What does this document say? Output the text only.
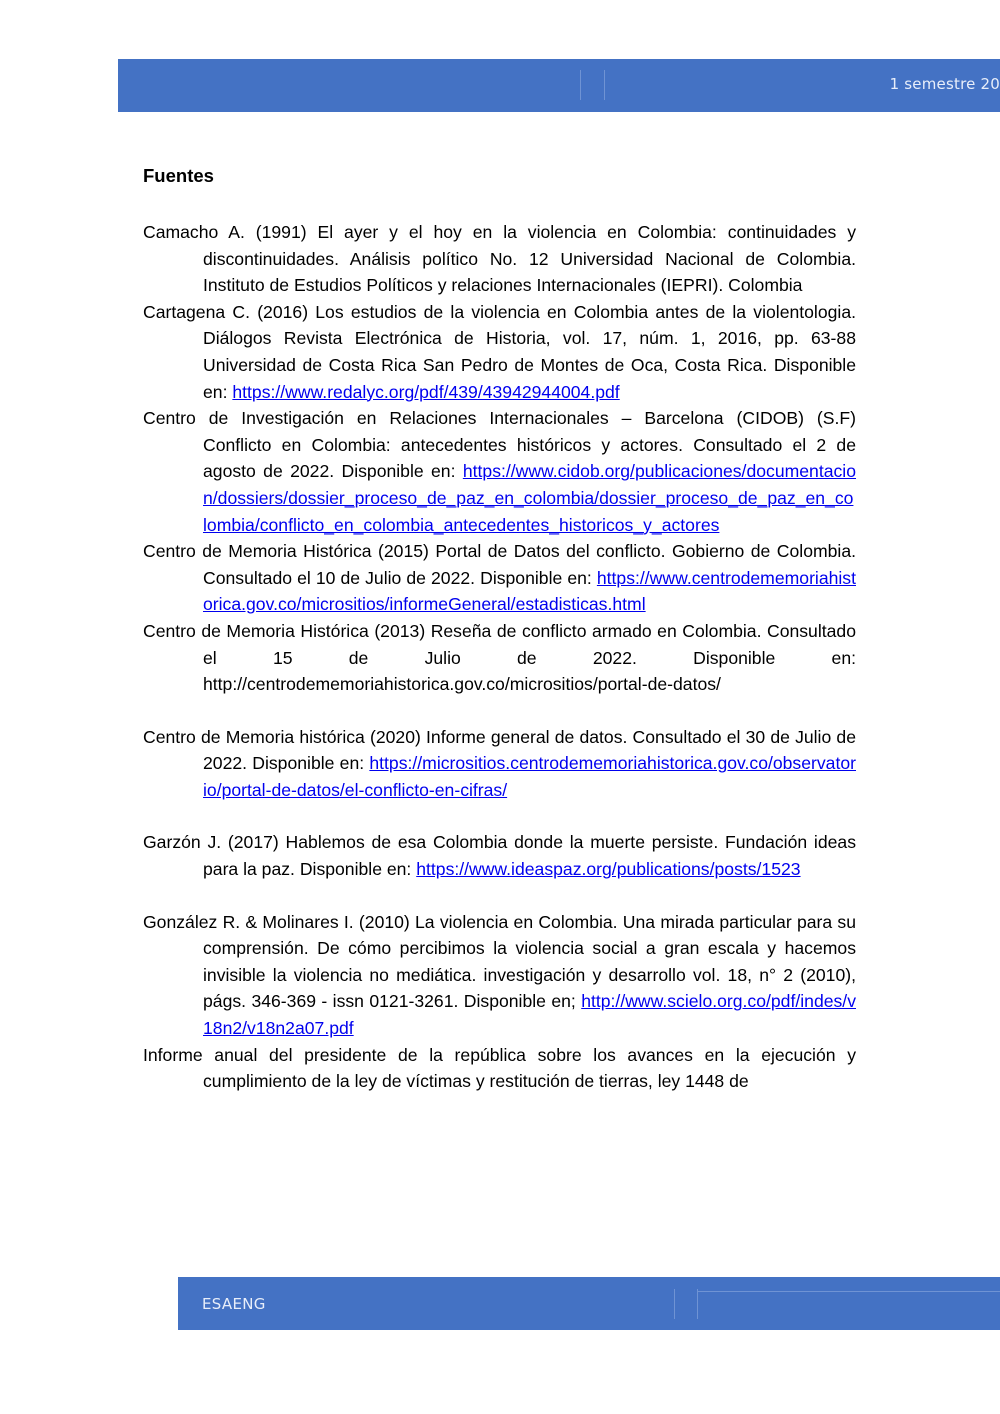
1 semestre 20
Fuentes

Camacho A. (1991) El ayer y el hoy en la violencia en Colombia: continuidades y discontinuidades. Análisis político No. 12 Universidad Nacional de Colombia. Instituto de Estudios Políticos y relaciones Internacionales (IEPRI). Colombia

Cartagena C. (2016) Los estudios de la violencia en Colombia antes de la violentologia. Diálogos Revista Electrónica de Historia, vol. 17, núm. 1, 2016, pp. 63-88 Universidad de Costa Rica San Pedro de Montes de Oca, Costa Rica. Disponible en: https://www.redalyc.org/pdf/439/43942944004.pdf

Centro de Investigación en Relaciones Internacionales – Barcelona (CIDOB) (S.F) Conflicto en Colombia: antecedentes históricos y actores. Consultado el 2 de agosto de 2022. Disponible en: https://www.cidob.org/publicaciones/documentacion/dossiers/dossier_proceso_de_paz_en_colombia/dossier_proceso_de_paz_en_colombia/conflicto_en_colombia_antecedentes_historicos_y_actores

Centro de Memoria Histórica (2015) Portal de Datos del conflicto. Gobierno de Colombia. Consultado el 10 de Julio de 2022. Disponible en: https://www.centrodememoriahistorica.gov.co/micrositios/informeGeneral/estadisticas.html

Centro de Memoria Histórica (2013) Reseña de conflicto armado en Colombia. Consultado el 15 de Julio de 2022. Disponible en: http://centrodememoriahistorica.gov.co/micrositios/portal-de-datos/

Centro de Memoria histórica (2020) Informe general de datos. Consultado el 30 de Julio de 2022. Disponible en: https://micrositios.centrodememoriahistorica.gov.co/observatorio/portal-de-datos/el-conflicto-en-cifras/

Garzón J. (2017) Hablemos de esa Colombia donde la muerte persiste. Fundación ideas para la paz. Disponible en: https://www.ideaspaz.org/publications/posts/1523

González R. & Molinares I. (2010) La violencia en Colombia. Una mirada particular para su comprensión. De cómo percibimos la violencia social a gran escala y hacemos invisible la violencia no mediática. investigación y desarrollo vol. 18, n° 2 (2010), págs. 346-369 - issn 0121-3261. Disponible en; http://www.scielo.org.co/pdf/indes/v18n2/v18n2a07.pdf

Informe anual del presidente de la república sobre los avances en la ejecución y cumplimiento de la ley de víctimas y restitución de tierras, ley 1448 de

ESAENG
